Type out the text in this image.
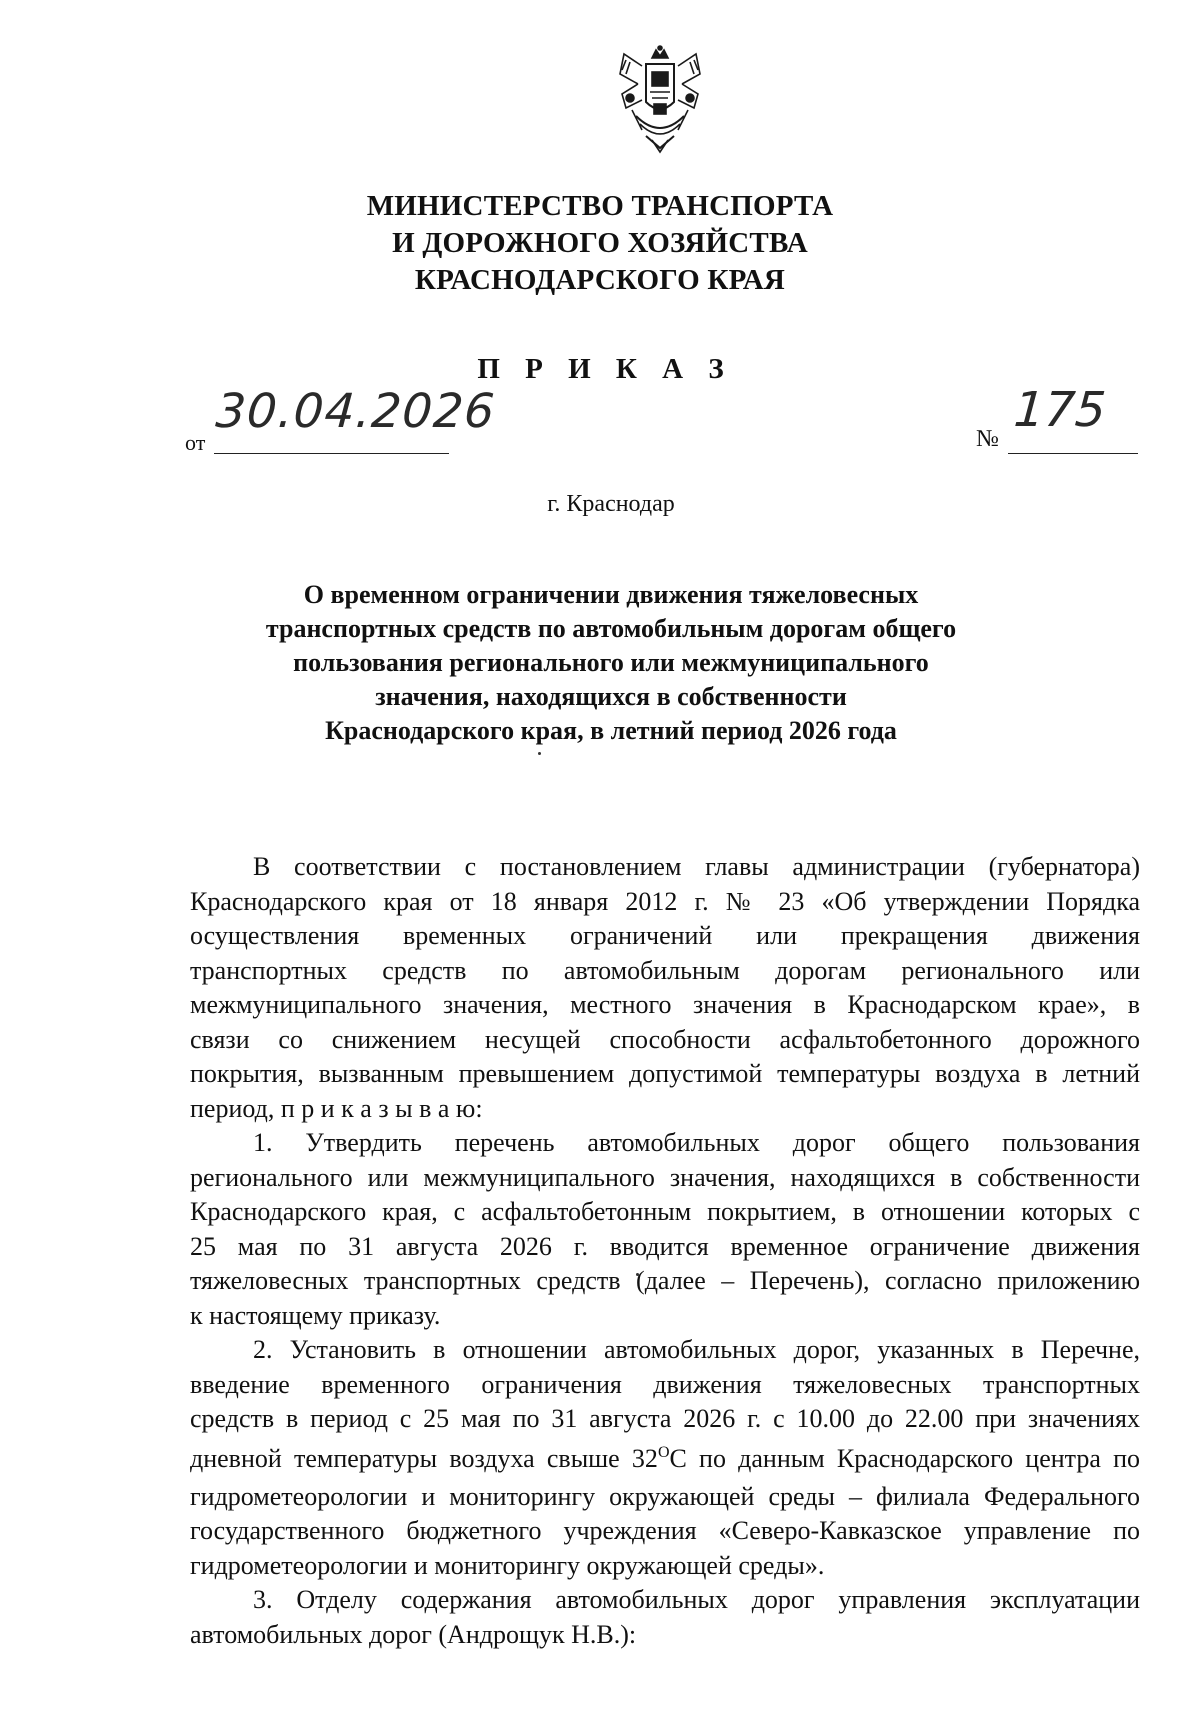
МИНИСТЕРСТВО ТРАНСПОРТА
И ДОРОЖНОГО ХОЗЯЙСТВА
КРАСНОДАРСКОГО КРАЯ
П Р И К А З
от
30.04.2026	№
175
г. Краснодар
О временном ограничении движения тяжеловесных
транспортных средств по автомобильным дорогам общего
пользования регионального или межмуниципального
значения, находящихся в собственности
Краснодарского края, в летний период 2026 года
В соответствии с постановлением главы администрации (губернатора)
Краснодарского края от 18 января 2012 г. № 23 «Об утверждении Порядка
осуществления временных ограничений или прекращения движения
транспортных средств по автомобильным дорогам регионального или
межмуниципального значения, местного значения в Краснодарском крае», в
связи со снижением несущей способности асфальтобетонного дорожного
покрытия, вызванным превышением допустимой температуры воздуха в летний
период, п р и к а з ы в а ю:
1. Утвердить перечень автомобильных дорог общего пользования
регионального или межмуниципального значения, находящихся в собственности
Краснодарского края, с асфальтобетонным покрытием, в отношении которых с
25 мая по 31 августа 2026 г. вводится временное ограничение движения
тяжеловесных транспортных средств (далее – Перечень), согласно приложению
к настоящему приказу.
2. Установить в отношении автомобильных дорог, указанных в Перечне,
введение временного ограничения движения тяжеловесных транспортных
средств в период с 25 мая по 31 августа 2026 г. с 10.00 до 22.00 при значениях
дневной температуры воздуха свыше $32^OС$ по данным Краснодарского центра по
гидрометеорологии и мониторингу окружающей среды – филиала Федерального
государственного бюджетного учреждения «Северо-Кавказское управление по
гидрометеорологии и мониторингу окружающей среды».
3. Отделу содержания автомобильных дорог управления эксплуатации
автомобильных дорог (Андрощук Н.В.):
